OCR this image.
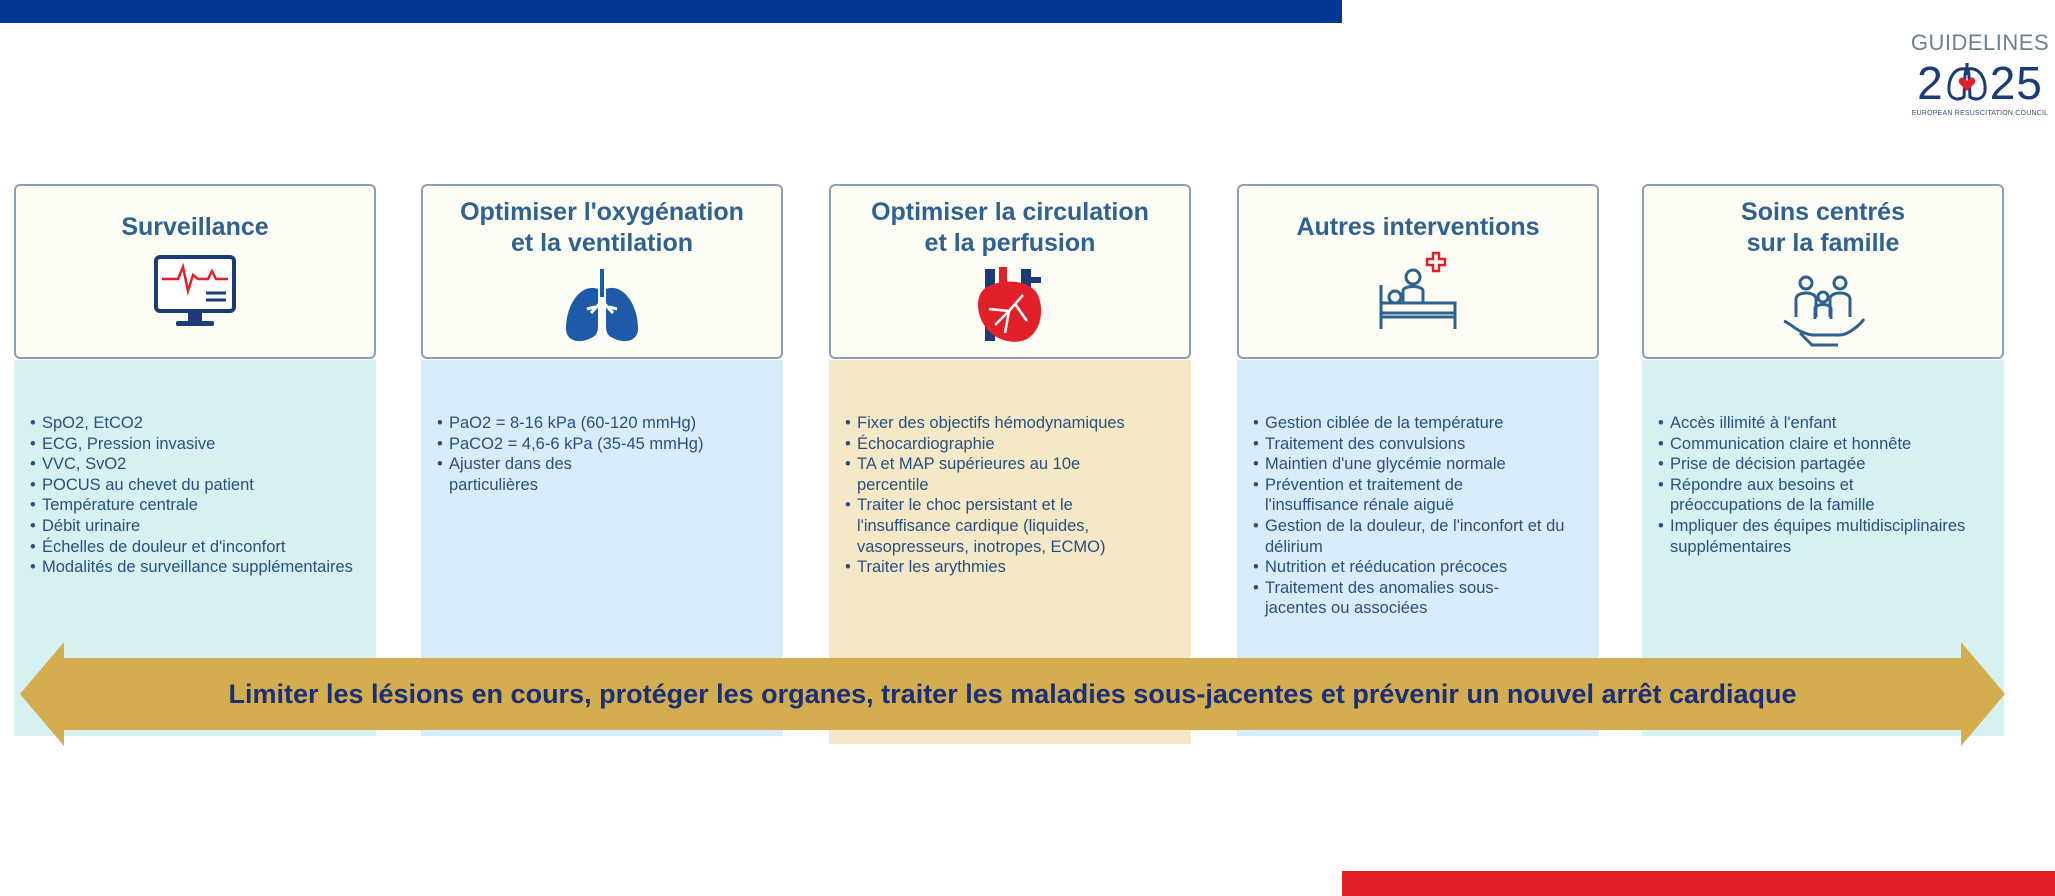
GUIDELINES
2 25
EUROPEAN RESUSCITATION COUNCIL
Surveillance
• SpO2, EtCO2
• ECG, Pression invasive
• VVC, SvO2
• POCUS au chevet du patient
• Température centrale
• Débit urinaire
• Échelles de douleur et d'inconfort
• Modalités de surveillance supplémentaires
Optimiser l'oxygénation
et la ventilation
• PaO2 = 8-16 kPa (60-120 mmHg)
• PaCO2 = 4,6-6 kPa (35-45 mmHg)
• Ajuster dans des particulières
Optimiser la circulation
et la perfusion
• Fixer des objectifs hémodynamiques
• Échocardiographie
• TA et MAP supérieures au 10e percentile
• Traiter le choc persistant et le l'insuffisance cardique (liquides, vasopresseurs, inotropes, ECMO)
• Traiter les arythmies
Autres interventions
• Gestion ciblée de la température
• Traitement des convulsions
• Maintien d'une glycémie normale
• Prévention et traitement de l'insuffisance rénale aiguë
• Gestion de la douleur, de l'inconfort et du délirium
• Nutrition et rééducation précoces
• Traitement des anomalies sous-jacentes ou associées
Soins centrés
sur la famille
• Accès illimité à l'enfant
• Communication claire et honnête
• Prise de décision partagée
• Répondre aux besoins et préoccupations de la famille
• Impliquer des équipes multidisciplinaires supplémentaires
Limiter les lésions en cours, protéger les organes, traiter les maladies sous-jacentes et prévenir un nouvel arrêt cardiaque
